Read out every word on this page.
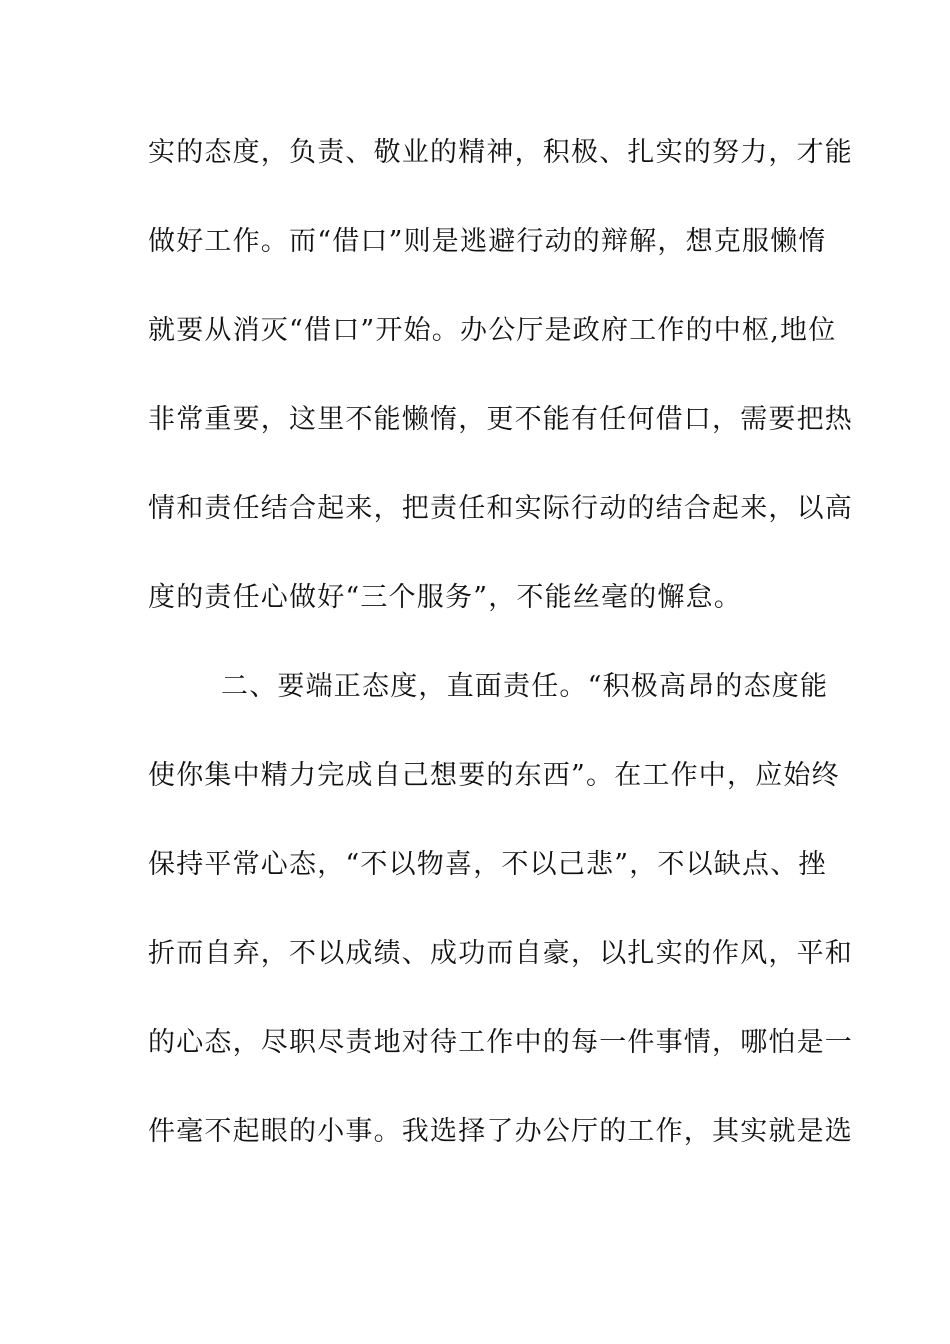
实的态度，负责、敬业的精神，积极、扎实的努力，才能
做好工作。而“借口”则是逃避行动的辩解，想克服懒惰
就要从消灭“借口”开始。办公厅是政府工作的中枢,地位
非常重要，这里不能懒惰，更不能有任何借口，需要把热
情和责任结合起来，把责任和实际行动的结合起来，以高
度的责任心做好“三个服务”，不能丝毫的懈怠。
二、要端正态度，直面责任。“积极高昂的态度能
使你集中精力完成自己想要的东西”。在工作中，应始终
保持平常心态，“不以物喜，不以己悲”，不以缺点、挫
折而自弃，不以成绩、成功而自豪，以扎实的作风，平和
的心态，尽职尽责地对待工作中的每一件事情，哪怕是一
件毫不起眼的小事。我选择了办公厅的工作，其实就是选
